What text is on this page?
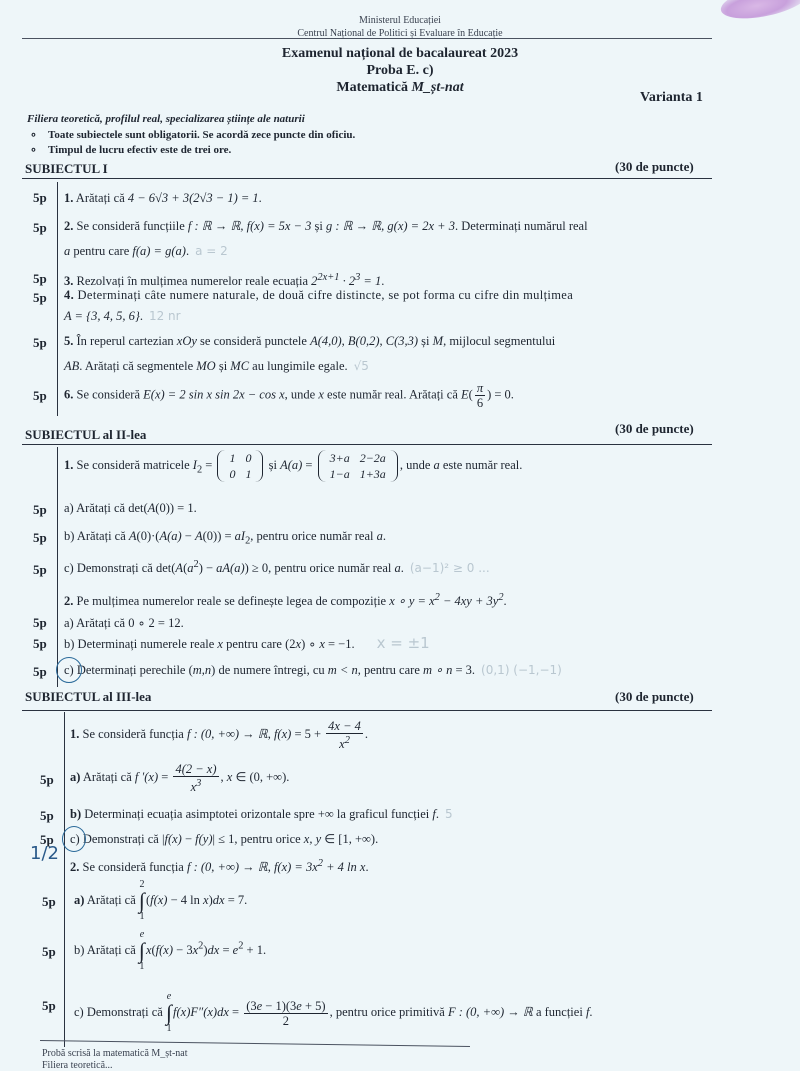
Ministerul Educației
Centrul Național de Politici și Evaluare în Educație
Examenul național de bacalaureat 2023
Proba E. c)
Matematică M_șt-nat
Varianta 1
Filiera teoretică, profilul real, specializarea științe ale naturii
∘ Toate subiectele sunt obligatorii. Se acordă zece puncte din oficiu.
∘ Timpul de lucru efectiv este de trei ore.
SUBIECTUL I	(30 de puncte)
5p 1. Arătați că 4 − 6√3 + 3(2√3 − 1) = 1.
5p 2. Se consideră funcțiile f : ℝ → ℝ, f(x) = 5x − 3 și g : ℝ → ℝ, g(x) = 2x + 3. Determinați numărul real
a pentru care f(a) = g(a). a = 2
5p 3. Rezolvați în mulțimea numerelor reale ecuația $2^{2x+1} \cdot 2^3 = 1$.
5p 4. Determinați câte numere naturale, de două cifre distincte, se pot forma cu cifre din mulțimea
A = {3, 4, 5, 6}. 12 nr
5p 5. În reperul cartezian xOy se consideră punctele A(4,0), B(0,2), C(3,3) și M, mijlocul segmentului
AB. Arătați că segmentele MO și MC au lungimile egale. √5
5p 6. Se consideră E(x) = 2 sin x sin 2x − cos x, unde x este număr real. Arătați că $E( \frac{\pi}{6}$ ) = 0.
SUBIECTUL al II-lea	(30 de puncte)
1. Se consideră matricele $I_2 = 1$	0
0	1
și A(a) = 3+a	2−2a
1−a	1+3a
, unde a este număr real.
5p a) Arătați că det(A(0)) = 1.
5p b) Arătați că $A(0)\cdot(A(a) - A(0)) = aI_2$, pentru orice număr real a.
5p c) Demonstrați că $\det(A(a^2) - aA(a)) \ge 0$, pentru orice număr real a. (a−1)² ≥ 0 ...
2. Pe mulțimea numerelor reale se definește legea de compoziție x ∘ $y = x^2 - 4xy + 3y^2$.
5p a) Arătați că 0 ∘ 2 = 12.
5p b) Determinați numerele reale x pentru care (2x) ∘ x = −1. x = ±1
5p c) Determinați perechile (m,n) de numere întregi, cu m < n, pentru care m ∘ n = 3. (0,1) (−1,−1)
SUBIECTUL al III-lea	(30 de puncte)
1. Se consideră funcția f : (0, +∞) → ℝ, $f(x) = 5 + \frac{4x - 4}{x^2}$ .
5p a) Arătați că f $'(x) = \frac{4(2 - x)}{x^3}$ , x ∈ (0, +∞).
5p b) Determinați ecuația asimptotei orizontale spre +∞ la graficul funcției f. 5
5p c) Demonstrați că |f(x) − f(y)| ≤ 1, pentru orice x, y ∈ [1, +∞).
1/2
2. Se consideră funcția f : (0, +∞) → ℝ, $f(x) = 3x^2 + 4$ ln x.
5p a) Arătați că 2
∫
1(f(x) − 4 ln x)dx = 7.
5p b) Arătați că e
∫
$1x(f(x) - 3x^2)dx = e^2 + 1$.
5p c) Demonstrați că e
∫
$1f(x)F''(x)dx = \frac{(3e - 1)(3e + 5)}{2}$ , pentru orice primitivă F : (0, +∞) → ℝ a funcției f.
Probă scrisă la matematică M_șt-nat
Filiera teoretică...
